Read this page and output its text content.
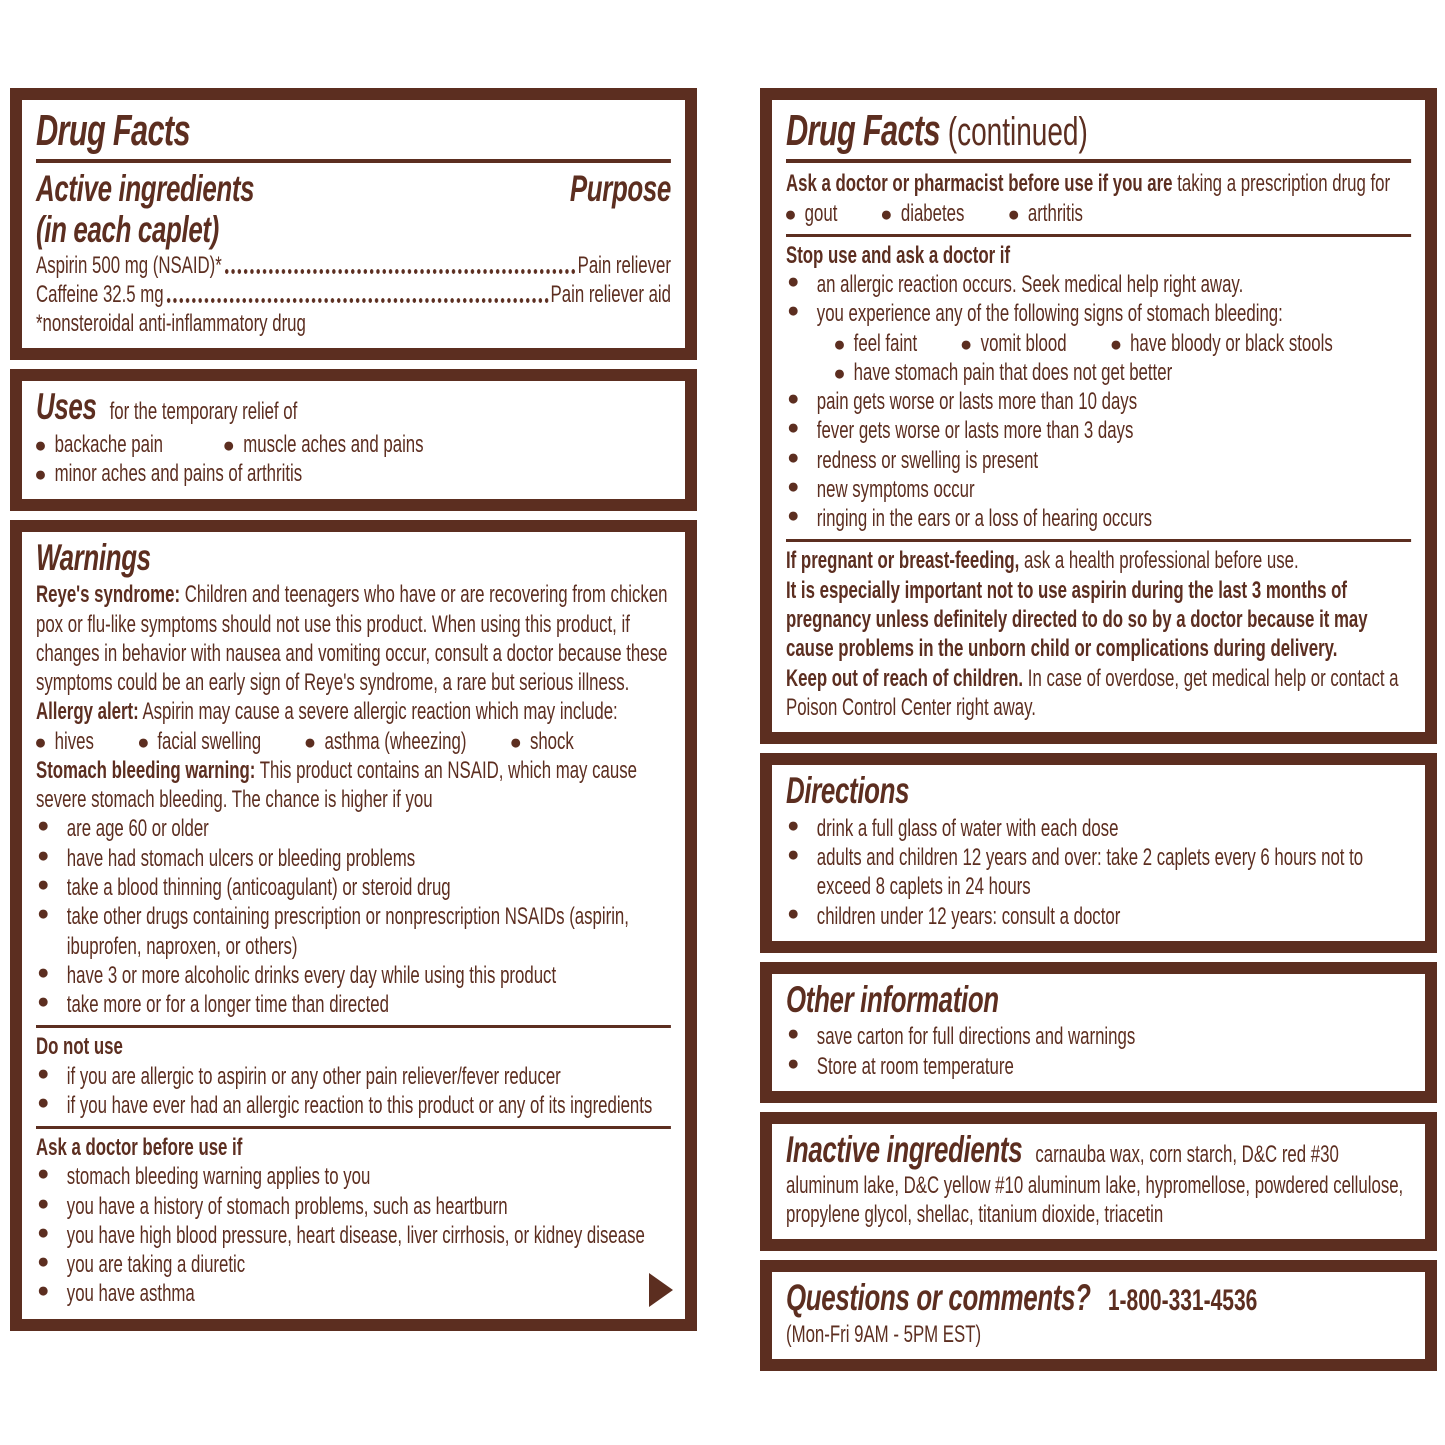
Drug Facts
Active ingredients
(in each caplet)
Purpose
Aspirin 500 mg (NSAID)*	Pain reliever
Caffeine 32.5 mg	Pain reliever aid

*nonsteroidal anti-inflammatory drug

Uses for the temporary relief of

● backache pain	● muscle aches and pains
● minor aches and pains of arthritis
Warnings

Reye's syndrome: Children and teenagers who have or are recovering from chicken pox or flu-like symptoms should not use this product. When using this product, if changes in behavior with nausea and vomiting occur, consult a doctor because these symptoms could be an early sign of Reye's syndrome, a rare but serious illness.

Allergy alert: Aspirin may cause a severe allergic reaction which may include:

● hives ● facial swelling ● asthma (wheezing) ● shock

Stomach bleeding warning: This product contains an NSAID, which may cause severe stomach bleeding. The chance is higher if you

● are age 60 or older
● have had stomach ulcers or bleeding problems
● take a blood thinning (anticoagulant) or steroid drug
● take other drugs containing prescription or nonprescription NSAIDs (aspirin, ibuprofen, naproxen, or others)
● have 3 or more alcoholic drinks every day while using this product
● take more or for a longer time than directed
Do not use
● if you are allergic to aspirin or any other pain reliever/fever reducer
● if you have ever had an allergic reaction to this product or any of its ingredients
Ask a doctor before use if
● stomach bleeding warning applies to you
● you have a history of stomach problems, such as heartburn
● you have high blood pressure, heart disease, liver cirrhosis, or kidney disease
● you are taking a diuretic
● you have asthma
Drug Facts (continued)

Ask a doctor or pharmacist before use if you are taking a prescription drug for

● gout ● diabetes ● arthritis
Stop use and ask a doctor if
● an allergic reaction occurs. Seek medical help right away.
● you experience any of the following signs of stomach bleeding:
● feel faint ● vomit blood ● have bloody or black stools
● have stomach pain that does not get better
● pain gets worse or lasts more than 10 days
● fever gets worse or lasts more than 3 days
● redness or swelling is present
● new symptoms occur
● ringing in the ears or a loss of hearing occurs

If pregnant or breast-feeding, ask a health professional before use.

It is especially important not to use aspirin during the last 3 months of pregnancy unless definitely directed to do so by a doctor because it may cause problems in the unborn child or complications during delivery.

Keep out of reach of children. In case of overdose, get medical help or contact a Poison Control Center right away.

Directions
● drink a full glass of water with each dose
● adults and children 12 years and over: take 2 caplets every 6 hours not to exceed 8 caplets in 24 hours
● children under 12 years: consult a doctor
Other information
● save carton for full directions and warnings
● Store at room temperature

Inactive ingredients carnauba wax, corn starch, D&C red #30 aluminum lake, D&C yellow #10 aluminum lake, hypromellose, powdered cellulose, propylene glycol, shellac, titanium dioxide, triacetin

Questions or comments? 1-800-331-4536

(Mon-Fri 9AM - 5PM EST)
